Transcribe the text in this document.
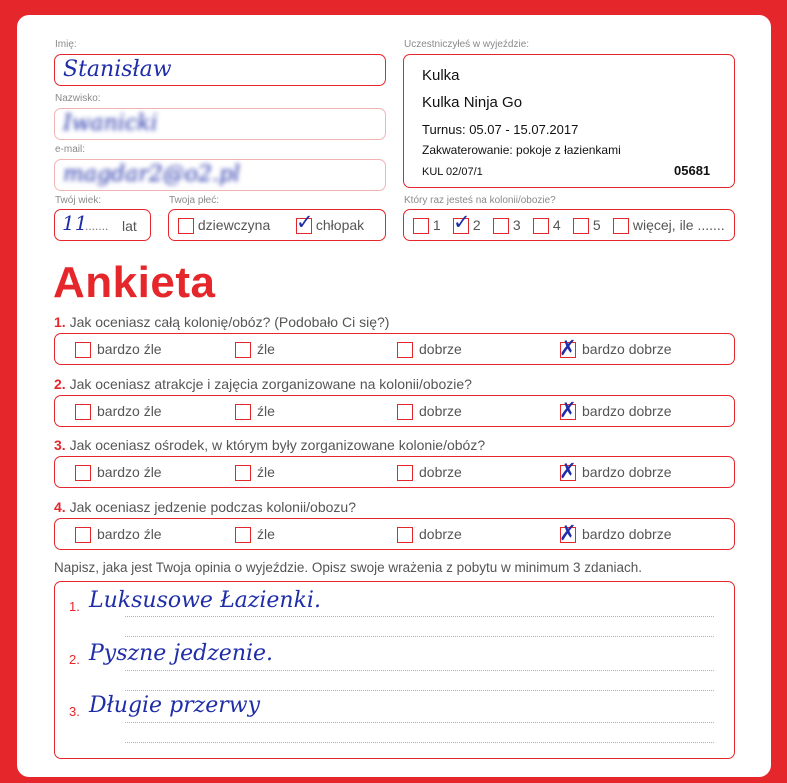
Imię:
Stanisław
Nazwisko:
Iwanicki
e-mail:
magdar2@o2.pl
Twój wiek:
11
....... lat
Twoja płeć:
dziewczyna ✓ chłopak
Uczestniczyłeś w wyjeździe:
Kulka
Kulka Ninja Go
Turnus: 05.07 - 15.07.2017
Zakwaterowanie: pokoje z łazienkami
KUL 02/07/1	05681
Który raz jesteś na kolonii/obozie?
1 ✓ 2	3	4	5	więcej, ile .......
Ankieta
1. Jak oceniasz całą kolonię/obóz? (Podobało Ci się?)
bardzo źle	źle	dobrze	✗ bardzo dobrze
2. Jak oceniasz atrakcje i zajęcia zorganizowane na kolonii/obozie?
bardzo źle	źle	dobrze	✗ bardzo dobrze
3. Jak oceniasz ośrodek, w którym były zorganizowane kolonie/obóz?
bardzo źle	źle	dobrze	✗ bardzo dobrze
4. Jak oceniasz jedzenie podczas kolonii/obozu?
bardzo źle	źle	dobrze	✗ bardzo dobrze
Napisz, jaka jest Twoja opinia o wyjeździe. Opisz swoje wrażenia z pobytu w minimum 3 zdaniach.
1. Luksusowe Łazienki.
2. Pyszne jedzenie.
3. Długie przerwy
